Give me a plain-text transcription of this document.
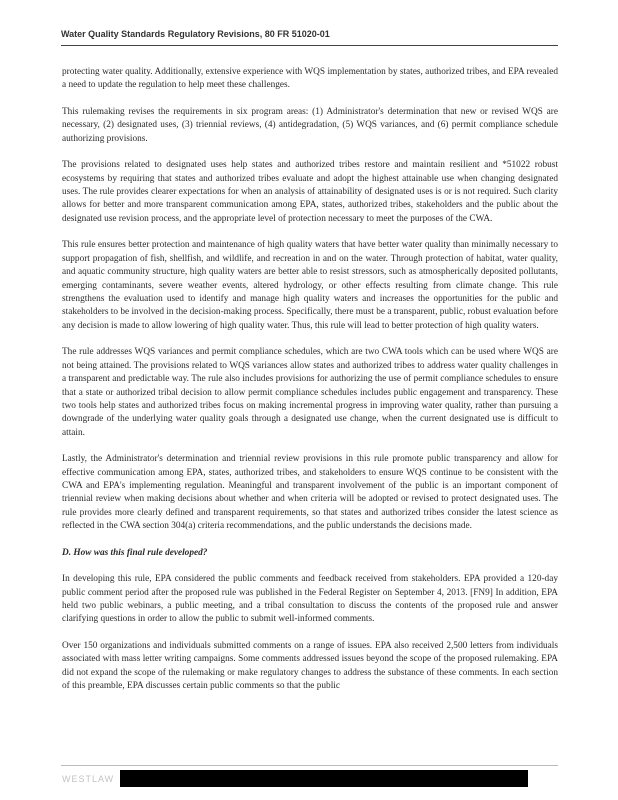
Water Quality Standards Regulatory Revisions, 80 FR 51020-01

protecting water quality. Additionally, extensive experience with WQS implementation by states, authorized tribes, and EPA revealed a need to update the regulation to help meet these challenges.

This rulemaking revises the requirements in six program areas: (1) Administrator's determination that new or revised WQS are necessary, (2) designated uses, (3) triennial reviews, (4) antidegradation, (5) WQS variances, and (6) permit compliance schedule authorizing provisions.

The provisions related to designated uses help states and authorized tribes restore and maintain resilient and *51022 robust ecosystems by requiring that states and authorized tribes evaluate and adopt the highest attainable use when changing designated uses. The rule provides clearer expectations for when an analysis of attainability of designated uses is or is not required. Such clarity allows for better and more transparent communication among EPA, states, authorized tribes, stakeholders and the public about the designated use revision process, and the appropriate level of protection necessary to meet the purposes of the CWA.

This rule ensures better protection and maintenance of high quality waters that have better water quality than minimally necessary to support propagation of fish, shellfish, and wildlife, and recreation in and on the water. Through protection of habitat, water quality, and aquatic community structure, high quality waters are better able to resist stressors, such as atmospherically deposited pollutants, emerging contaminants, severe weather events, altered hydrology, or other effects resulting from climate change. This rule strengthens the evaluation used to identify and manage high quality waters and increases the opportunities for the public and stakeholders to be involved in the decision-making process. Specifically, there must be a transparent, public, robust evaluation before any decision is made to allow lowering of high quality water. Thus, this rule will lead to better protection of high quality waters.

The rule addresses WQS variances and permit compliance schedules, which are two CWA tools which can be used where WQS are not being attained. The provisions related to WQS variances allow states and authorized tribes to address water quality challenges in a transparent and predictable way. The rule also includes provisions for authorizing the use of permit compliance schedules to ensure that a state or authorized tribal decision to allow permit compliance schedules includes public engagement and transparency. These two tools help states and authorized tribes focus on making incremental progress in improving water quality, rather than pursuing a downgrade of the underlying water quality goals through a designated use change, when the current designated use is difficult to attain.

Lastly, the Administrator's determination and triennial review provisions in this rule promote public transparency and allow for effective communication among EPA, states, authorized tribes, and stakeholders to ensure WQS continue to be consistent with the CWA and EPA's implementing regulation. Meaningful and transparent involvement of the public is an important component of triennial review when making decisions about whether and when criteria will be adopted or revised to protect designated uses. The rule provides more clearly defined and transparent requirements, so that states and authorized tribes consider the latest science as reflected in the CWA section 304(a) criteria recommendations, and the public understands the decisions made.

D. How was this final rule developed?

In developing this rule, EPA considered the public comments and feedback received from stakeholders. EPA provided a 120-day public comment period after the proposed rule was published in the Federal Register on September 4, 2013. [FN9] In addition, EPA held two public webinars, a public meeting, and a tribal consultation to discuss the contents of the proposed rule and answer clarifying questions in order to allow the public to submit well-informed comments.

Over 150 organizations and individuals submitted comments on a range of issues. EPA also received 2,500 letters from individuals associated with mass letter writing campaigns. Some comments addressed issues beyond the scope of the proposed rulemaking. EPA did not expand the scope of the rulemaking or make regulatory changes to address the substance of these comments. In each section of this preamble, EPA discusses certain public comments so that the public

WESTLAW
